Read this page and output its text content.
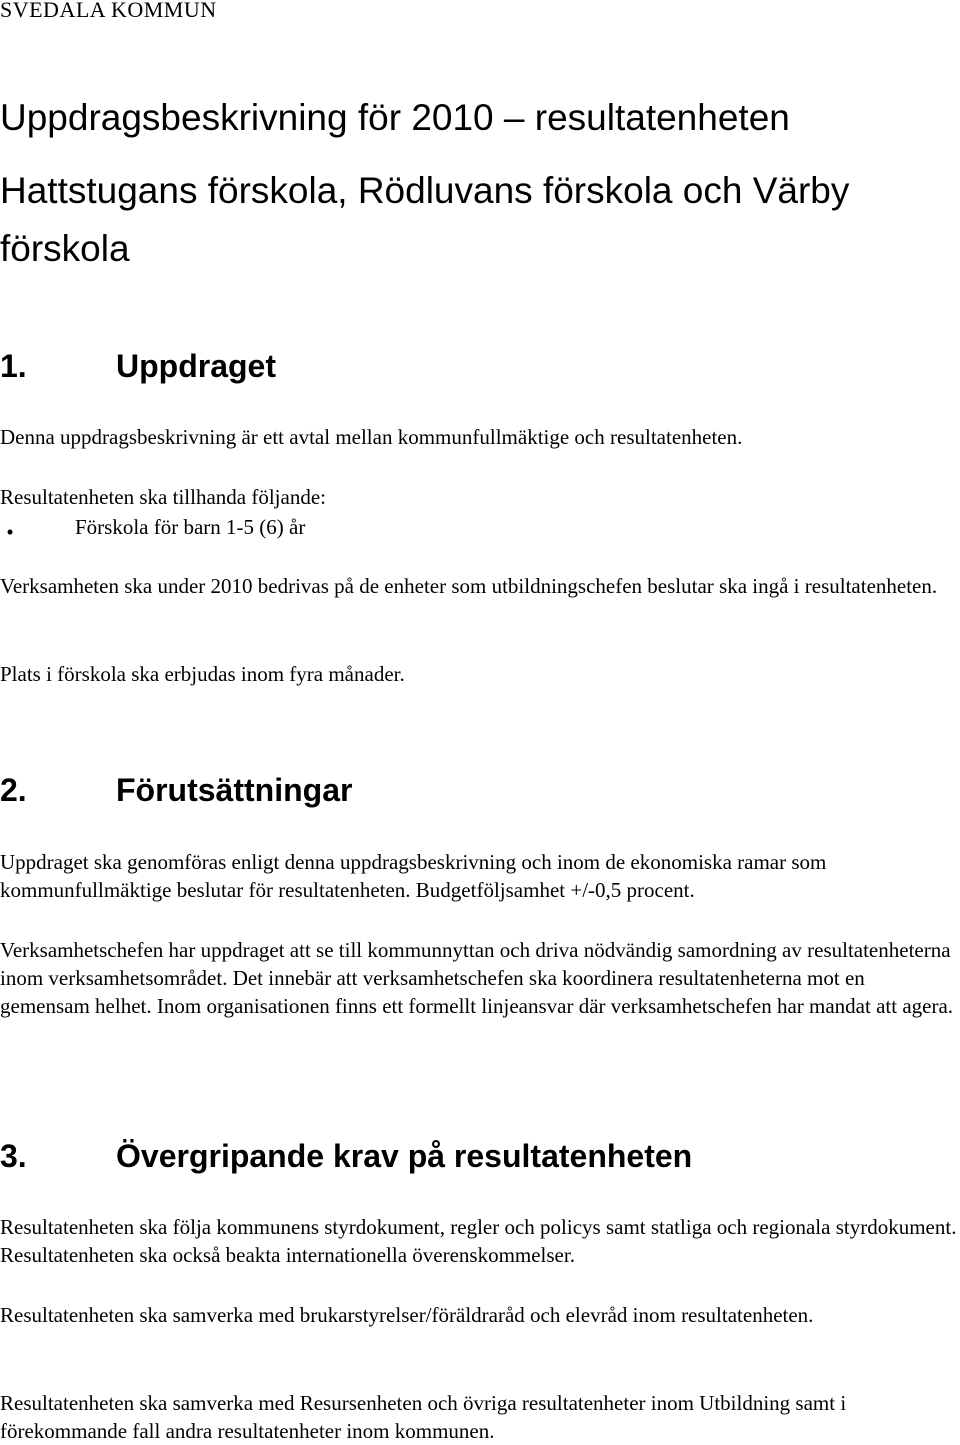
SVEDALA KOMMUN
Uppdragsbeskrivning för 2010 – resultatenheten
Hattstugans förskola, Rödluvans förskola och Värby förskola
1.	Uppdraget

Denna uppdragsbeskrivning är ett avtal mellan kommunfullmäktige och resultatenheten.

Resultatenheten ska tillhanda följande:

•	Förskola för barn 1-5 (6) år

Verksamheten ska under 2010 bedrivas på de enheter som utbildningschefen beslutar ska ingå i resultatenheten.

Plats i förskola ska erbjudas inom fyra månader.

2.	Förutsättningar

Uppdraget ska genomföras enligt denna uppdragsbeskrivning och inom de ekonomiska ramar som kommunfullmäktige beslutar för resultatenheten. Budgetföljsamhet +/-0,5 procent.

Verksamhetschefen har uppdraget att se till kommunnyttan och driva nödvändig samordning av resultatenheterna inom verksamhetsområdet. Det innebär att verksamhetschefen ska koordinera resultatenheterna mot en gemensam helhet. Inom organisationen finns ett formellt linjeansvar där verksamhetschefen har mandat att agera.

3.	Övergripande krav på resultatenheten

Resultatenheten ska följa kommunens styrdokument, regler och policys samt statliga och regionala styrdokument. Resultatenheten ska också beakta internationella överenskommelser.

Resultatenheten ska samverka med brukarstyrelser/föräldraråd och elevråd inom resultatenheten.

Resultatenheten ska samverka med Resursenheten och övriga resultatenheter inom Utbildning samt i förekommande fall andra resultatenheter inom kommunen.
